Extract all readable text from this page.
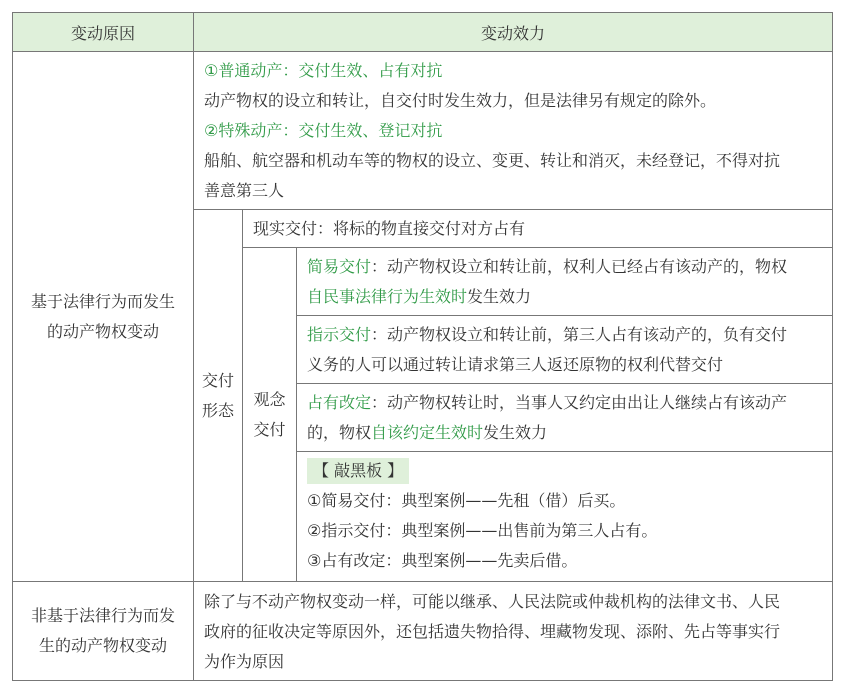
变动原因	变动效力
基于法律行为而发生
的动产物权变动
①普通动产：交付生效、占有对抗
动产物权的设立和转让，自交付时发生效力，但是法律另有规定的除外。
②特殊动产：交付生效、登记对抗
船舶、航空器和机动车等的物权的设立、变更、转让和消灭，未经登记，不得对抗
善意第三人
交付
形态
现实交付：将标的物直接交付对方占有
观念
交付
简易交付：动产物权设立和转让前，权利人已经占有该动产的，物权
自民事法律行为生效时发生效力
指示交付：动产物权设立和转让前，第三人占有该动产的，负有交付
义务的人可以通过转让请求第三人返还原物的权利代替交付
占有改定：动产物权转让时，当事人又约定由出让人继续占有该动产
的，物权自该约定生效时发生效力
【 敲黑板 】
①简易交付：典型案例——先租（借）后买。
②指示交付：典型案例——出售前为第三人占有。
③占有改定：典型案例——先卖后借。
非基于法律行为而发
生的动产物权变动
除了与不动产物权变动一样，可能以继承、人民法院或仲裁机构的法律文书、人民
政府的征收决定等原因外，还包括遗失物拾得、埋藏物发现、添附、先占等事实行
为作为原因
